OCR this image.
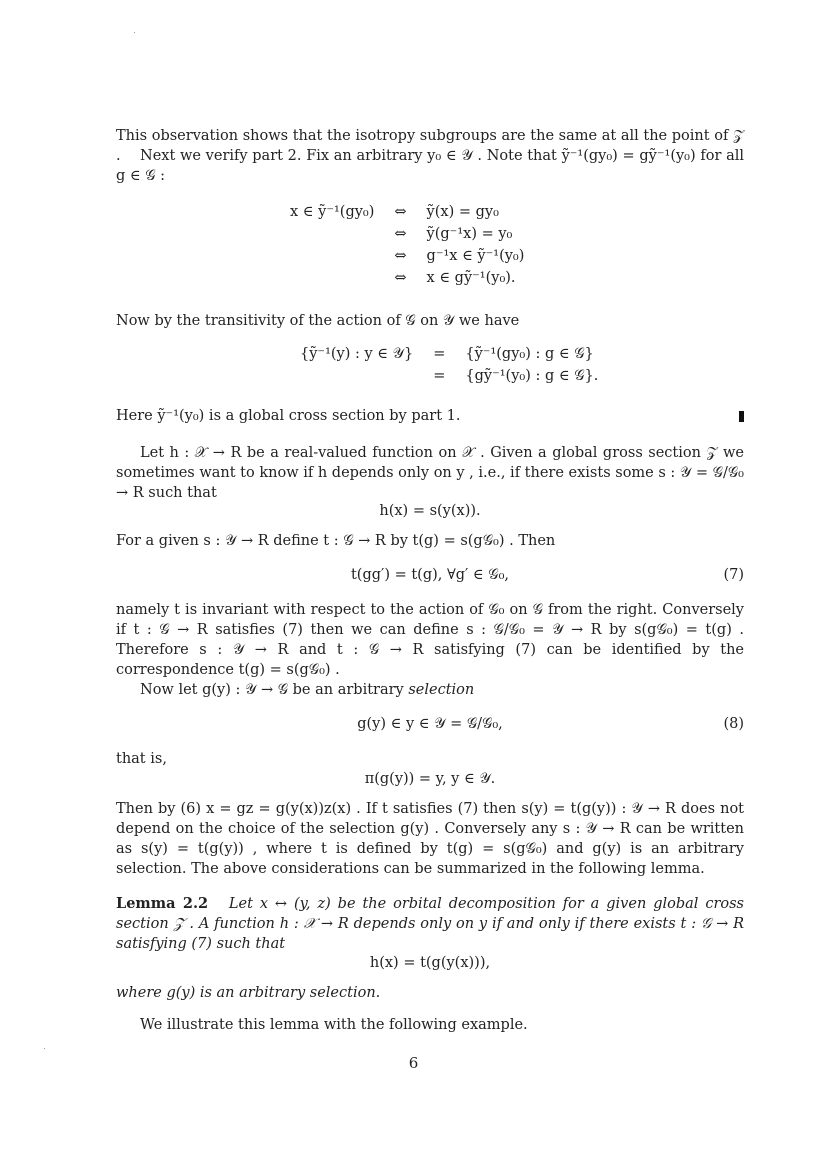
This observation shows that the isotropy subgroups are the same at all the point of 𝒵 .	Next we verify part 2. Fix an arbitrary y₀ ∈ 𝒴 . Note that ỹ⁻¹(gy₀) = gỹ⁻¹(y₀) for all g ∈ 𝒢 :

x ∈ ỹ⁻¹(gy₀)	⇔	ỹ(x) = gy₀
	⇔	ỹ(g⁻¹x) = y₀
	⇔	g⁻¹x ∈ ỹ⁻¹(y₀)
	⇔	x ∈ gỹ⁻¹(y₀).

Now by the transitivity of the action of 𝒢 on 𝒴 we have

{ỹ⁻¹(y) : y ∈ 𝒴}	=	{ỹ⁻¹(gy₀) : g ∈ 𝒢}
	=	{gỹ⁻¹(y₀) : g ∈ 𝒢}.

Here ỹ⁻¹(y₀) is a global cross section by part 1.

Let h : 𝒳 → R be a real-valued function on 𝒳 . Given a global gross section 𝒵 we sometimes want to know if h depends only on y , i.e., if there exists some s : 𝒴 = 𝒢/𝒢₀ → R such that

h(x) = s(y(x)).

For a given s : 𝒴 → R define t : 𝒢 → R by t(g) = s(g𝒢₀) . Then

t(gg′) = t(g), ∀g′ ∈ 𝒢₀,	(7)

namely t is invariant with respect to the action of 𝒢₀ on 𝒢 from the right. Conversely if t : 𝒢 → R satisfies (7) then we can define s : 𝒢/𝒢₀ = 𝒴 → R by s(g𝒢₀) = t(g) . Therefore s : 𝒴 → R and t : 𝒢 → R satisfying (7) can be identified by the correspondence t(g) = s(g𝒢₀) .

Now let g(y) : 𝒴 → 𝒢 be an arbitrary selection

g(y) ∈ y ∈ 𝒴 = 𝒢/𝒢₀,	(8)

that is,

π(g(y)) = y, y ∈ 𝒴.

Then by (6) x = gz = g(y(x))z(x) . If t satisfies (7) then s(y) = t(g(y)) : 𝒴 → R does not depend on the choice of the selection g(y) . Conversely any s : 𝒴 → R can be written as s(y) = t(g(y)) , where t is defined by t(g) = s(g𝒢₀) and g(y) is an arbitrary selection. The above considerations can be summarized in the following lemma.

Lemma 2.2 Let x ↔ (y, z) be the orbital decomposition for a given global cross section 𝒵 . A function h : 𝒳 → R depends only on y if and only if there exists t : 𝒢 → R satisfying (7) such that

h(x) = t(g(y(x))),

where g(y) is an arbitrary selection.

We illustrate this lemma with the following example.

6
